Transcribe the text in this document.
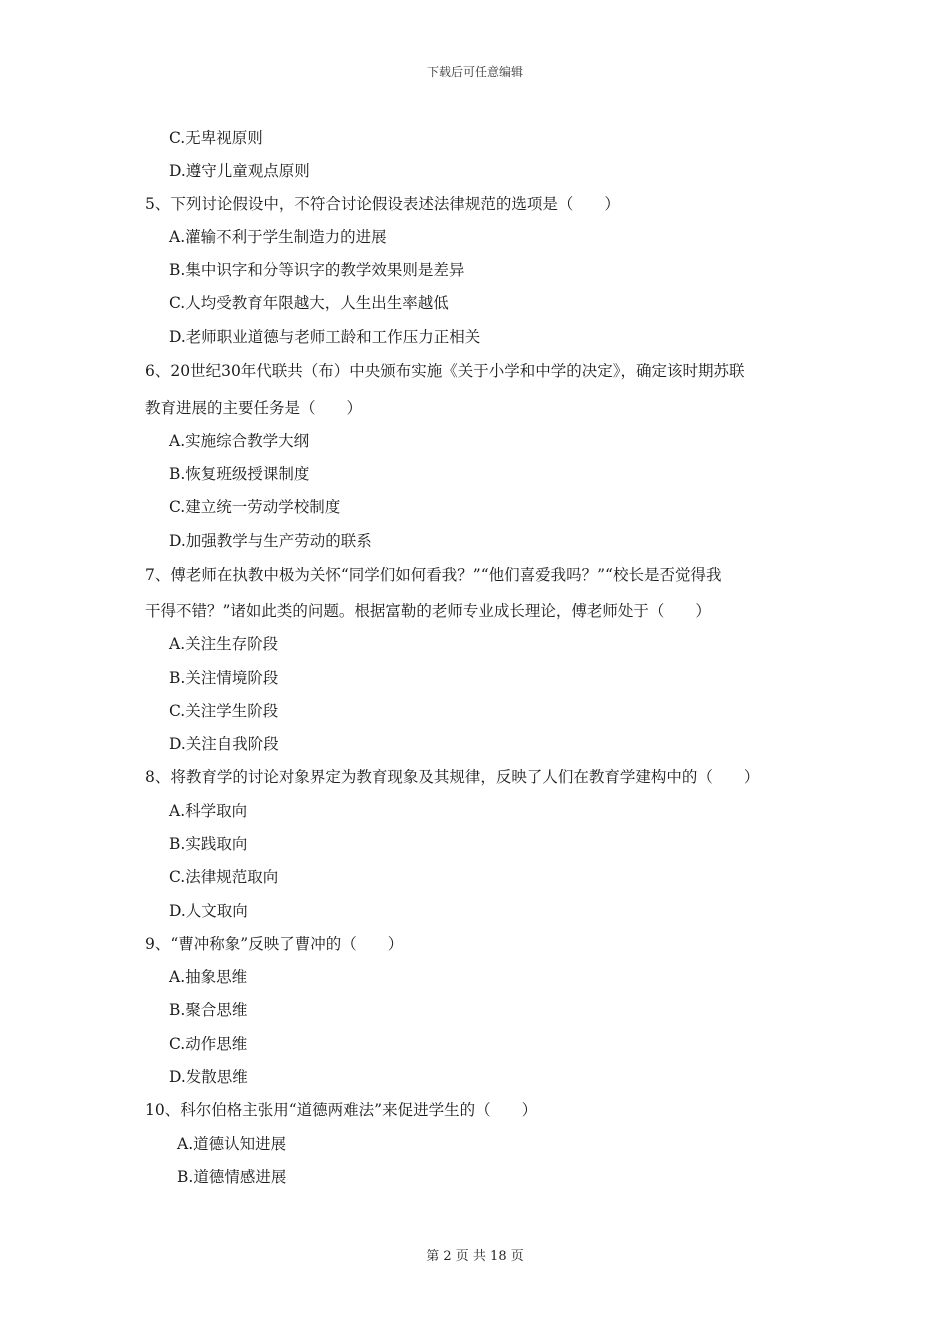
下载后可任意编辑
C.无卑视原则
D.遵守儿童观点原则
5、下列讨论假设中，不符合讨论假设表述法律规范的选项是（　　）
A.灌输不利于学生制造力的进展
B.集中识字和分等识字的教学效果则是差异
C.人均受教育年限越大，人生出生率越低
D.老师职业道德与老师工龄和工作压力正相关
6、20世纪30年代联共（布）中央颁布实施《关于小学和中学的决定》，确定该时期苏联
教育进展的主要任务是（　　）
A.实施综合教学大纲
B.恢复班级授课制度
C.建立统一劳动学校制度
D.加强教学与生产劳动的联系
7、傅老师在执教中极为关怀“同学们如何看我？”“他们喜爱我吗？”“校长是否觉得我
干得不错？”诸如此类的问题。根据富勒的老师专业成长理论，傅老师处于（　　）
A.关注生存阶段
B.关注情境阶段
C.关注学生阶段
D.关注自我阶段
8、将教育学的讨论对象界定为教育现象及其规律，反映了人们在教育学建构中的（　　）
A.科学取向
B.实践取向
C.法律规范取向
D.人文取向
9、“曹冲称象”反映了曹冲的（　　）
A.抽象思维
B.聚合思维
C.动作思维
D.发散思维
10、科尔伯格主张用“道德两难法”来促进学生的（　　）
A.道德认知进展
B.道德情感进展
第 2 页 共 18 页
